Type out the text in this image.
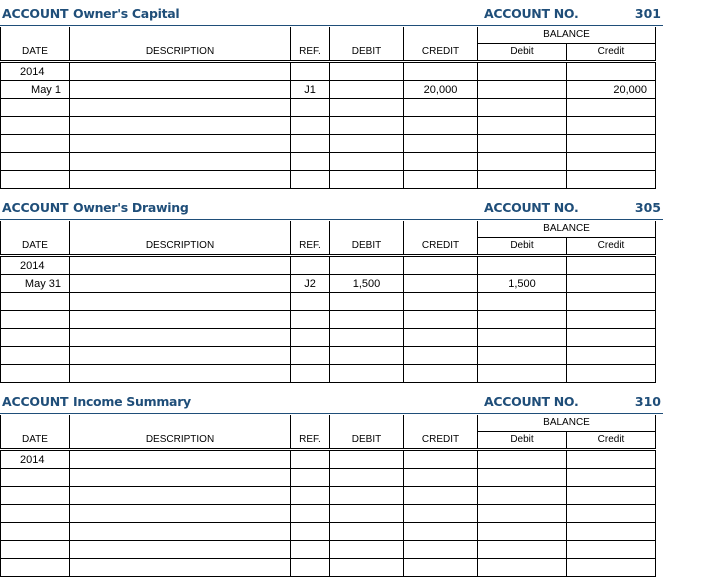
ACCOUNT Owner's Capital	ACCOUNT NO.	301
					BALANCE	
DATE	DESCRIPTION	REF.	DEBIT	CREDIT	Debit	Credit
2014						
May 1		J1		20,000		20,000

ACCOUNT Owner's Drawing	ACCOUNT NO.	305
					BALANCE	
DATE	DESCRIPTION	REF.	DEBIT	CREDIT	Debit	Credit
2014						
May 31		J2	1,500		1,500	

ACCOUNT Income Summary	ACCOUNT NO.	310
					BALANCE	
DATE	DESCRIPTION	REF.	DEBIT	CREDIT	Debit	Credit
2014						
